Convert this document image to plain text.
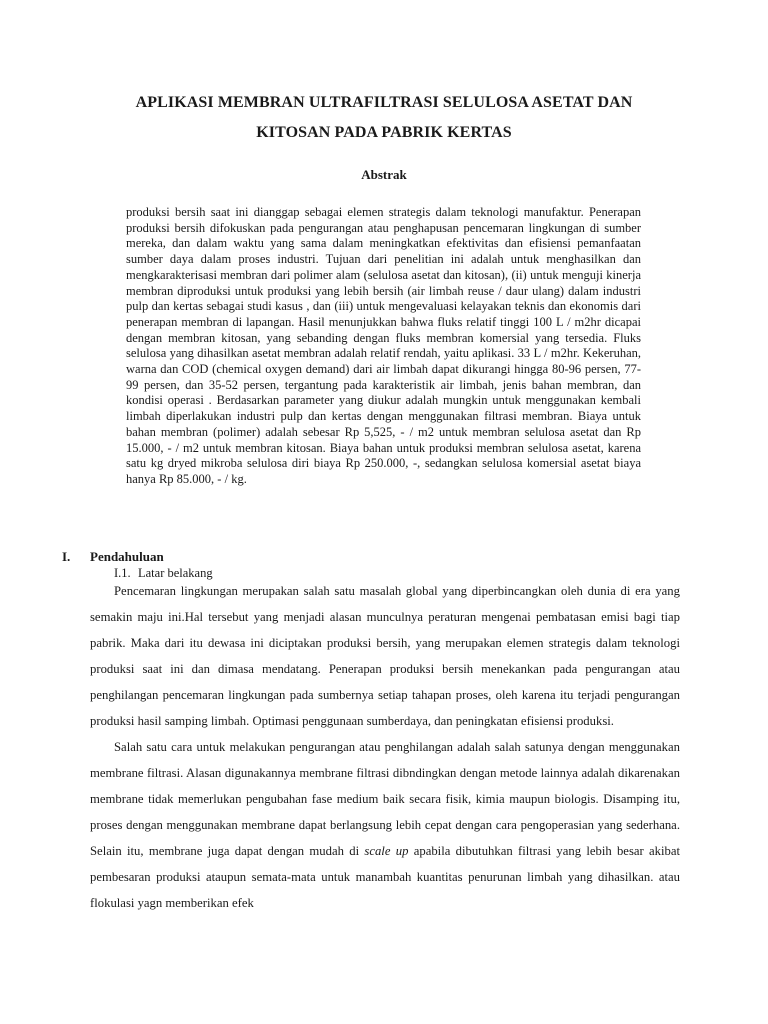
APLIKASI MEMBRAN ULTRAFILTRASI SELULOSA ASETAT DAN
KITOSAN PADA PABRIK KERTAS
Abstrak
produksi bersih saat ini dianggap sebagai elemen strategis dalam teknologi manufaktur. Penerapan produksi bersih difokuskan pada pengurangan atau penghapusan pencemaran lingkungan di sumber mereka, dan dalam waktu yang sama dalam meningkatkan efektivitas dan efisiensi pemanfaatan sumber daya dalam proses industri. Tujuan dari penelitian ini adalah untuk menghasilkan dan mengkarakterisasi membran dari polimer alam (selulosa asetat dan kitosan), (ii) untuk menguji kinerja membran diproduksi untuk produksi yang lebih bersih (air limbah reuse / daur ulang) dalam industri pulp dan kertas sebagai studi kasus , dan (iii) untuk mengevaluasi kelayakan teknis dan ekonomis dari penerapan membran di lapangan. Hasil menunjukkan bahwa fluks relatif tinggi 100 L / m2hr dicapai dengan membran kitosan, yang sebanding dengan fluks membran komersial yang tersedia. Fluks selulosa yang dihasilkan asetat membran adalah relatif rendah, yaitu aplikasi. 33 L / m2hr. Kekeruhan, warna dan COD (chemical oxygen demand) dari air limbah dapat dikurangi hingga 80-96 persen, 77-99 persen, dan 35-52 persen, tergantung pada karakteristik air limbah, jenis bahan membran, dan kondisi operasi . Berdasarkan parameter yang diukur adalah mungkin untuk menggunakan kembali limbah diperlakukan industri pulp dan kertas dengan menggunakan filtrasi membran. Biaya untuk bahan membran (polimer) adalah sebesar Rp 5,525, - / m2 untuk membran selulosa asetat dan Rp 15.000, - / m2 untuk membran kitosan. Biaya bahan untuk produksi membran selulosa asetat, karena satu kg dryed mikroba selulosa diri biaya Rp 250.000, -, sedangkan selulosa komersial asetat biaya hanya Rp 85.000, - / kg.
I. Pendahuluan
I.1. Latar belakang
Pencemaran lingkungan merupakan salah satu masalah global yang diperbincangkan oleh dunia di era yang semakin maju ini.Hal tersebut yang menjadi alasan munculnya peraturan mengenai pembatasan emisi bagi tiap pabrik. Maka dari itu dewasa ini diciptakan produksi bersih, yang merupakan elemen strategis dalam teknologi produksi saat ini dan dimasa mendatang. Penerapan produksi bersih menekankan pada pengurangan atau penghilangan pencemaran lingkungan pada sumbernya setiap tahapan proses, oleh karena itu terjadi pengurangan produksi hasil samping limbah. Optimasi penggunaan sumberdaya, dan peningkatan efisiensi produksi.
Salah satu cara untuk melakukan pengurangan atau penghilangan adalah salah satunya dengan menggunakan membrane filtrasi. Alasan digunakannya membrane filtrasi dibndingkan dengan metode lainnya adalah dikarenakan membrane tidak memerlukan pengubahan fase medium baik secara fisik, kimia maupun biologis. Disamping itu, proses dengan menggunakan membrane dapat berlangsung lebih cepat dengan cara pengoperasian yang sederhana. Selain itu, membrane juga dapat dengan mudah di scale up apabila dibutuhkan filtrasi yang lebih besar akibat pembesaran produksi ataupun semata-mata untuk manambah kuantitas penurunan limbah yang dihasilkan. atau flokulasi yagn memberikan efek
